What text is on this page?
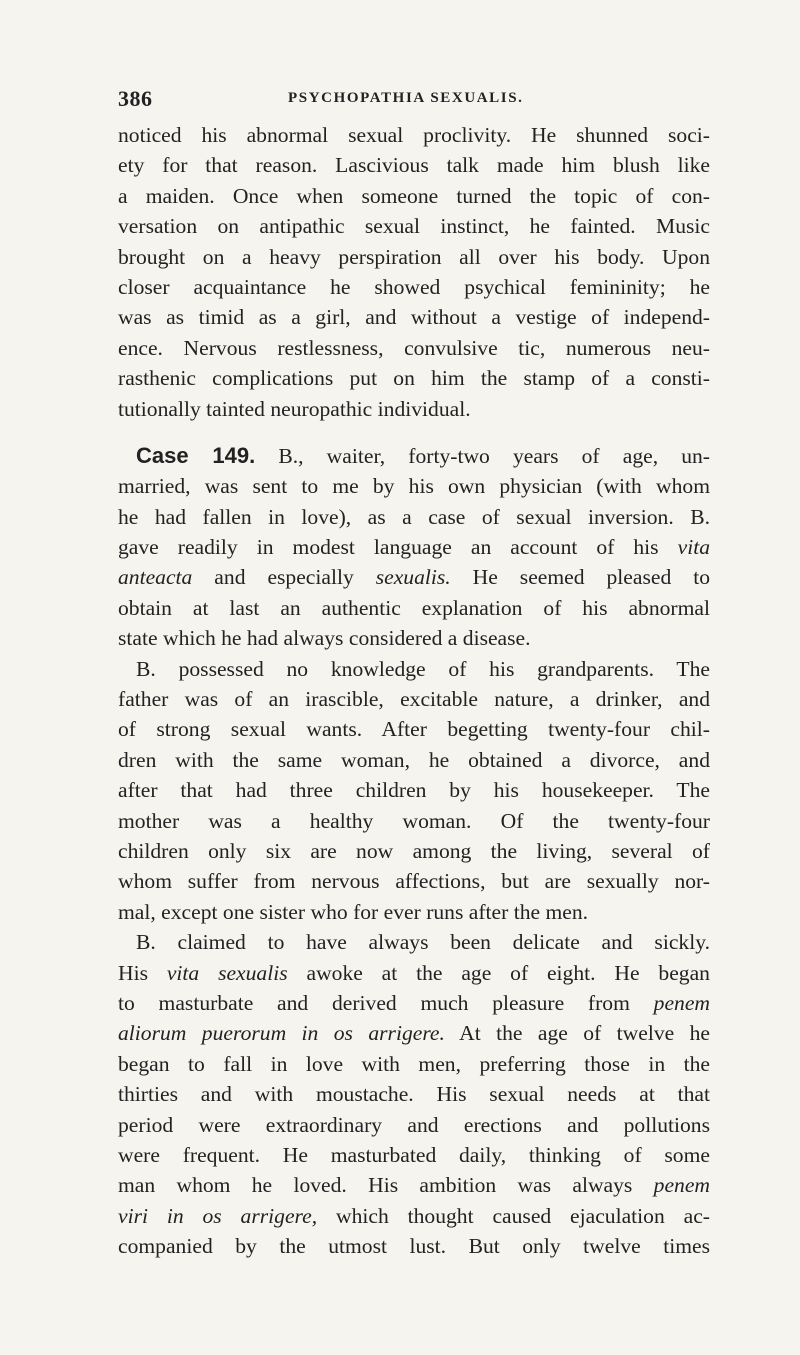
386	PSYCHOPATHIA SEXUALIS.
noticed his abnormal sexual proclivity. He shunned soci-
ety for that reason. Lascivious talk made him blush like
a maiden. Once when someone turned the topic of con-
versation on antipathic sexual instinct, he fainted. Music
brought on a heavy perspiration all over his body. Upon
closer acquaintance he showed psychical femininity; he
was as timid as a girl, and without a vestige of independ-
ence. Nervous restlessness, convulsive tic, numerous neu-
rasthenic complications put on him the stamp of a consti-
tutionally tainted neuropathic individual.
Case 149. B., waiter, forty-two years of age, un-
married, was sent to me by his own physician (with whom
he had fallen in love), as a case of sexual inversion. B.
gave readily in modest language an account of his vita
anteacta and especially sexualis. He seemed pleased to
obtain at last an authentic explanation of his abnormal
state which he had always considered a disease.
B. possessed no knowledge of his grandparents. The
father was of an irascible, excitable nature, a drinker, and
of strong sexual wants. After begetting twenty-four chil-
dren with the same woman, he obtained a divorce, and
after that had three children by his housekeeper. The
mother was a healthy woman. Of the twenty-four
children only six are now among the living, several of
whom suffer from nervous affections, but are sexually nor-
mal, except one sister who for ever runs after the men.
B. claimed to have always been delicate and sickly.
His vita sexualis awoke at the age of eight. He began
to masturbate and derived much pleasure from penem
aliorum puerorum in os arrigere. At the age of twelve he
began to fall in love with men, preferring those in the
thirties and with moustache. His sexual needs at that
period were extraordinary and erections and pollutions
were frequent. He masturbated daily, thinking of some
man whom he loved. His ambition was always penem
viri in os arrigere, which thought caused ejaculation ac-
companied by the utmost lust. But only twelve times
